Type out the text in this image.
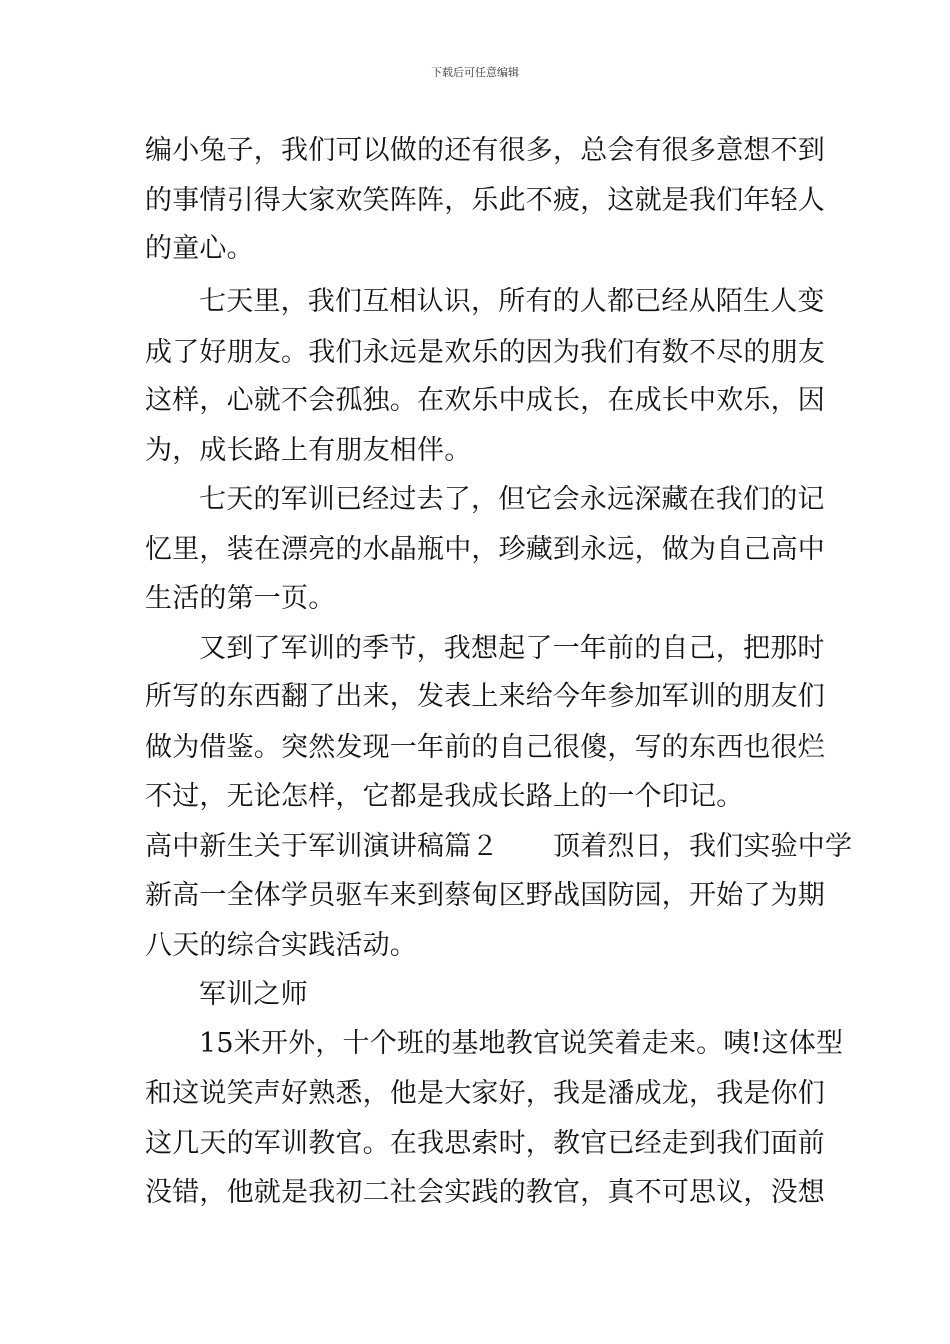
下载后可任意编辑
编小兔子，我们可以做的还有很多，总会有很多意想不到
的事情引得大家欢笑阵阵，乐此不疲，这就是我们年轻人
的童心。
七天里，我们互相认识，所有的人都已经从陌生人变
成了好朋友。我们永远是欢乐的因为我们有数不尽的朋友
这样，心就不会孤独。在欢乐中成长，在成长中欢乐，因
为，成长路上有朋友相伴。
七天的军训已经过去了，但它会永远深藏在我们的记
忆里，装在漂亮的水晶瓶中，珍藏到永远，做为自己高中
生活的第一页。
又到了军训的季节，我想起了一年前的自己，把那时
所写的东西翻了出来，发表上来给今年参加军训的朋友们
做为借鉴。突然发现一年前的自己很傻，写的东西也很烂
不过，无论怎样，它都是我成长路上的一个印记。
高中新生关于军训演讲稿篇２　　顶着烈日，我们实验中学
新高一全体学员驱车来到蔡甸区野战国防园，开始了为期
八天的综合实践活动。
军训之师
15米开外，十个班的基地教官说笑着走来。咦!这体型
和这说笑声好熟悉，他是大家好，我是潘成龙，我是你们
这几天的军训教官。在我思索时，教官已经走到我们面前
没错，他就是我初二社会实践的教官，真不可思议，没想
